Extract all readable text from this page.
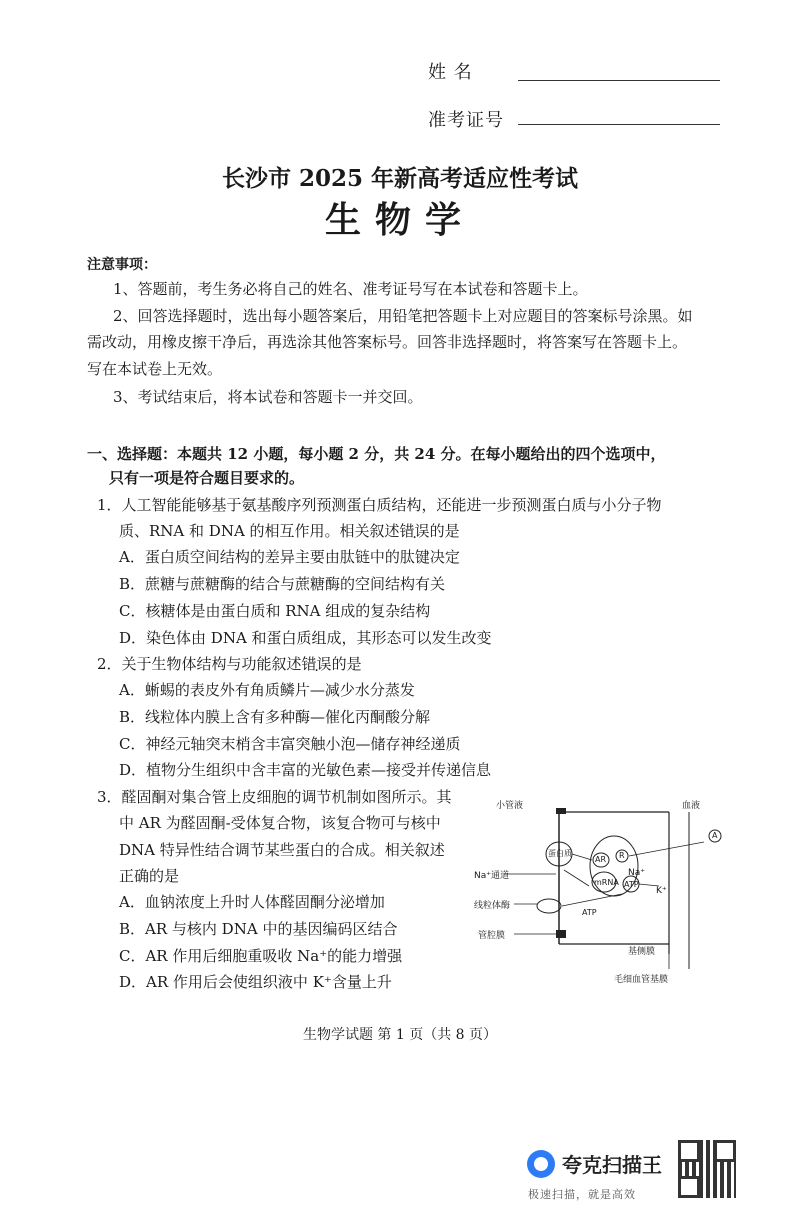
姓 名
准考证号
长沙市 2025 年新高考适应性考试
生物学
注意事项：
1、答题前，考生务必将自己的姓名、准考证号写在本试卷和答题卡上。
2、回答选择题时，选出每小题答案后，用铅笔把答题卡上对应题目的答案标号涂黑。如
需改动，用橡皮擦干净后，再选涂其他答案标号。回答非选择题时，将答案写在答题卡上。
写在本试卷上无效。
3、考试结束后，将本试卷和答题卡一并交回。
一、选择题：本题共 12 小题，每小题 2 分，共 24 分。在每小题给出的四个选项中，
只有一项是符合题目要求的。
1．人工智能能够基于氨基酸序列预测蛋白质结构，还能进一步预测蛋白质与小分子物
质、RNA 和 DNA 的相互作用。相关叙述错误的是
A．蛋白质空间结构的差异主要由肽链中的肽键决定
B．蔗糖与蔗糖酶的结合与蔗糖酶的空间结构有关
C．核糖体是由蛋白质和 RNA 组成的复杂结构
D．染色体由 DNA 和蛋白质组成，其形态可以发生改变
2．关于生物体结构与功能叙述错误的是
A．蜥蜴的表皮外有角质鳞片—减少水分蒸发
B．线粒体内膜上含有多种酶—催化丙酮酸分解
C．神经元轴突末梢含丰富突触小泡—储存神经递质
D．植物分生组织中含丰富的光敏色素—接受并传递信息
3．醛固酮对集合管上皮细胞的调节机制如图所示。其
中 AR 为醛固酮-受体复合物，该复合物可与核中
DNA 特异性结合调节某些蛋白的合成。相关叙述
正确的是
A．血钠浓度上升时人体醛固酮分泌增加
B．AR 与核内 DNA 中的基因编码区结合
C．AR 作用后细胞重吸收 Na⁺的能力增强
D．AR 作用后会使组织液中 K⁺含量上升
小管液	血液
蛋白质
Na⁺通道
线粒体酶
管腔膜
基侧膜
毛细血管基膜
AR R
A
mRNA ATP
ATP
Na⁺
K⁺
生物学试题 第 1 页（共 8 页）
夸克扫描王
极速扫描，就是高效
